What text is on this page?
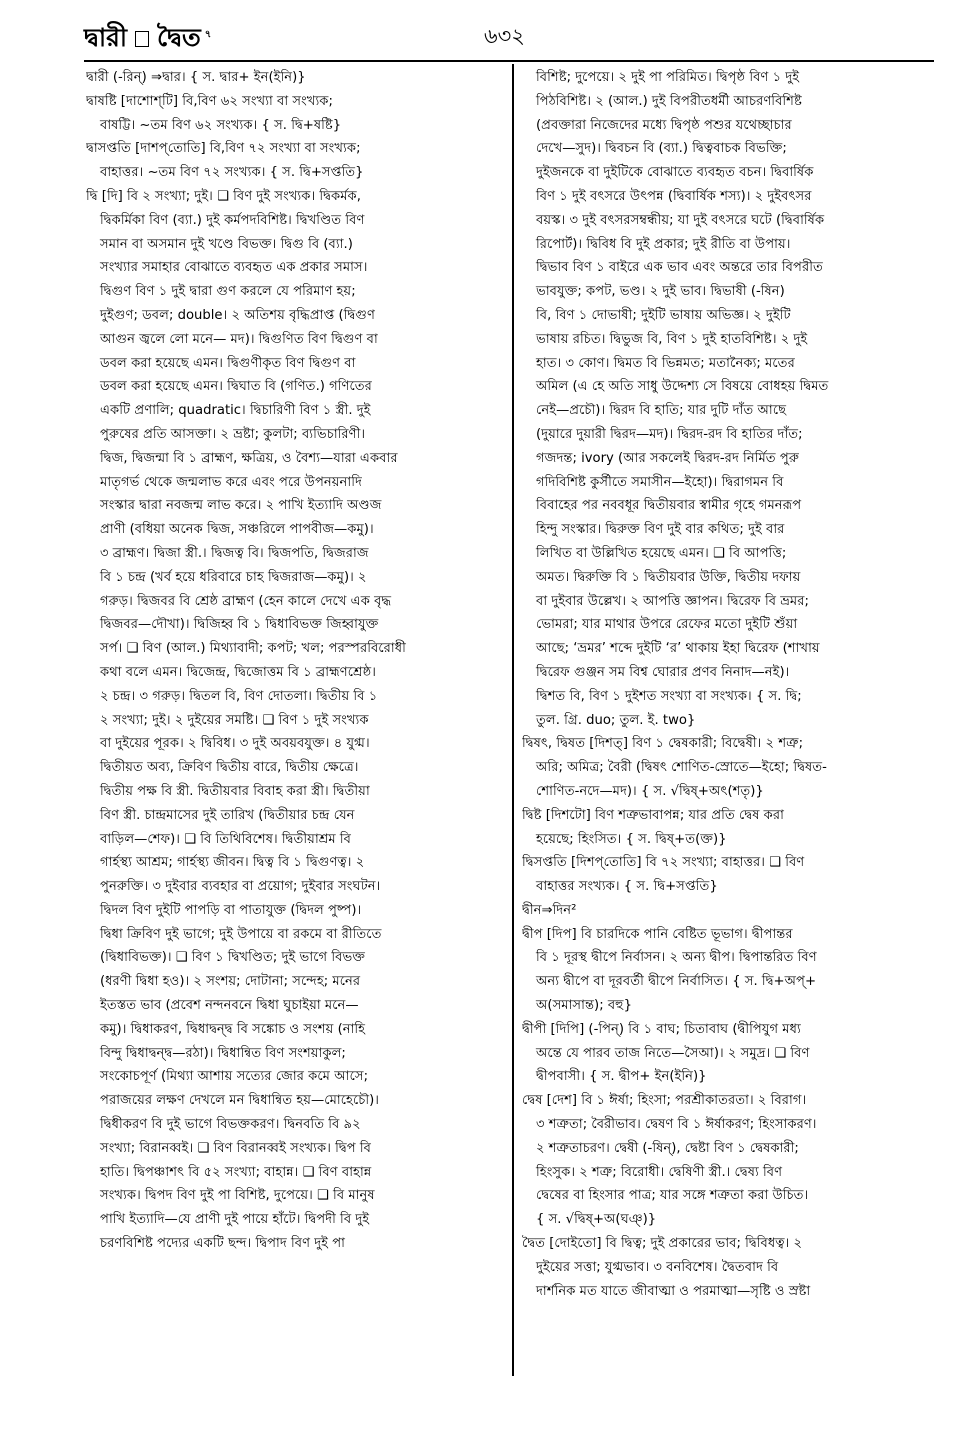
দ্বারী দ্বৈত $^৭$	৬৩২
দ্বারী (-রিন্) ⇒দ্বার। { স. দ্বার+ ইন(ইনি)}
দ্বাষষ্টি [দাশোশ্‌টি] বি,বিণ ৬২ সংখ্যা বা সংখ্যক;
বাষট্টি। ~তম বিণ ৬২ সংখ্যক। { স. দ্বি+ষষ্টি}
দ্বাসপ্ততি [দাশপ্‌তোতি] বি,বিণ ৭২ সংখ্যা বা সংখ্যক;
বাহাত্তর। ~তম বিণ ৭২ সংখ্যক। { স. দ্বি+সপ্ততি}
দ্বি [দি] বি ২ সংখ্যা; দুই। ❑ বিণ দুই সংখ্যক। দ্বিকর্মক,
দ্বিকর্মিকা বিণ (ব্যা.) দুই কর্মপদবিশিষ্ট। দ্বিখণ্ডিত বিণ
সমান বা অসমান দুই খণ্ডে বিভক্ত। দ্বিগু বি (ব্যা.)
সংখ্যার সমাহার বোঝাতে ব্যবহৃত এক প্রকার সমাস।
দ্বিগুণ বিণ ১ দুই দ্বারা গুণ করলে যে পরিমাণ হয়;
দুইগুণ; ডবল; double। ২ অতিশয় বৃদ্ধিপ্রাপ্ত (দ্বিগুণ
আগুন জ্বলে লো মনে— মদ)। দ্বিগুণিত বিণ দ্বিগুণ বা
ডবল করা হয়েছে এমন। দ্বিগুণীকৃত বিণ দ্বিগুণ বা
ডবল করা হয়েছে এমন। দ্বিঘাত বি (গণিত.) গণিতের
একটি প্রণালি; quadratic। দ্বিচারিণী বিণ ১ স্ত্রী. দুই
পুরুষের প্রতি আসক্তা। ২ ভ্রষ্টা; কুলটা; ব্যভিচারিণী।
দ্বিজ, দ্বিজন্মা বি ১ ব্রাহ্মণ, ক্ষত্রিয়, ও বৈশ্য—যারা একবার
মাতৃগর্ভ থেকে জন্মলাভ করে এবং পরে উপনয়নাদি
সংস্কার দ্বারা নবজন্ম লাভ করে। ২ পাখি ইত্যাদি অণ্ডজ
প্রাণী (বধিয়া অনেক দ্বিজ, সঞ্চরিলে পাপবীজ—কমু)।
৩ ব্রাহ্মণ। দ্বিজা স্ত্রী.। দ্বিজত্ব বি। দ্বিজপতি, দ্বিজরাজ
বি ১ চন্দ্র (খর্ব হয়ে ধরিবারে চাহ দ্বিজরাজ—কমু)। ২
গরুড়। দ্বিজবর বি শ্রেষ্ঠ ব্রাহ্মণ (হেন কালে দেখে এক বৃদ্ধ
দ্বিজবর—দৌখা)। দ্বিজিহ্ব বি ১ দ্বিধাবিভক্ত জিহ্বাযুক্ত
সর্প। ❑ বিণ (আল.) মিথ্যাবাদী; কপট; খল; পরস্পরবিরোধী
কথা বলে এমন। দ্বিজেন্দ্র, দ্বিজোত্তম বি ১ ব্রাহ্মণশ্রেষ্ঠ।
২ চন্দ্র। ৩ গরুড়। দ্বিতল বি, বিণ দোতলা। দ্বিতীয় বি ১
২ সংখ্যা; দুই। ২ দুইয়ের সমষ্টি। ❑ বিণ ১ দুই সংখ্যক
বা দুইয়ের পূরক। ২ দ্বিবিধ। ৩ দুই অবয়বযুক্ত। ৪ যুগ্ম।
দ্বিতীয়ত অব্য, ক্রিবিণ দ্বিতীয় বারে, দ্বিতীয় ক্ষেত্রে।
দ্বিতীয় পক্ষ বি স্ত্রী. দ্বিতীয়বার বিবাহ করা স্ত্রী। দ্বিতীয়া
বিণ স্ত্রী. চান্দ্রমাসের দুই তারিখ (দ্বিতীয়ার চন্দ্র যেন
বাড়িল—শেফ)। ❑ বি তিথিবিশেষ। দ্বিতীয়াশ্রম বি
গার্হস্থ্য আশ্রম; গার্হস্থ্য জীবন। দ্বিত্ব বি ১ দ্বিগুণত্ব। ২
পুনরুক্তি। ৩ দুইবার ব্যবহার বা প্রয়োগ; দুইবার সংঘটন।
দ্বিদল বিণ দুইটি পাপড়ি বা পাতাযুক্ত (দ্বিদল পুষ্প)।
দ্বিধা ক্রিবিণ দুই ভাগে; দুই উপায়ে বা রকমে বা রীতিতে
(দ্বিধাবিভক্ত)। ❑ বিণ ১ দ্বিখণ্ডিত; দুই ভাগে বিভক্ত
(ধরণী দ্বিধা হও)। ২ সংশয়; দোটানা; সন্দেহ; মনের
ইতস্তত ভাব (প্রবেশ নন্দনবনে দ্বিধা ঘুচাইয়া মনে—
কমু)। দ্বিধাকরণ, দ্বিধাদ্বন্দ্ব বি সঙ্কোচ ও সংশয় (নাহি
বিন্দু দ্বিধাদ্বন্দ্ব—রঠা)। দ্বিধান্বিত বিণ সংশয়াকুল;
সংকোচপূর্ণ (মিথ্যা আশায় সত্যের জোর কমে আসে;
পরাজয়ের লক্ষণ দেখলে মন দ্বিধান্বিত হয়—মোহেচৌ)।
দ্বিধীকরণ বি দুই ভাগে বিভক্তকরণ। দ্বিনবতি বি ৯২
সংখ্যা; বিরানব্বই। ❑ বিণ বিরানব্বই সংখ্যক। দ্বিপ বি
হাতি। দ্বিপঞ্চাশৎ বি ৫২ সংখ্যা; বাহান্ন। ❑ বিণ বাহান্ন
সংখ্যক। দ্বিপদ বিণ দুই পা বিশিষ্ট, দুপেয়ে। ❑ বি মানুষ
পাখি ইত্যাদি—যে প্রাণী দুই পায়ে হাঁটে। দ্বিপদী বি দুই
চরণবিশিষ্ট পদ্যের একটি ছন্দ। দ্বিপাদ বিণ দুই পা
বিশিষ্ট; দুপেয়ে। ২ দুই পা পরিমিত। দ্বিপৃষ্ঠ বিণ ১ দুই
পিঠবিশিষ্ট। ২ (আল.) দুই বিপরীতধর্মী আচরণবিশিষ্ট
(প্রবক্তারা নিজেদের মধ্যে দ্বিপৃষ্ঠ পশুর যথেচ্ছাচার
দেখে—সুদ)। দ্বিবচন বি (ব্যা.) দ্বিত্ববাচক বিভক্তি;
দুইজনকে বা দুইটিকে বোঝাতে ব্যবহৃত বচন। দ্বিবার্ষিক
বিণ ১ দুই বৎসরে উৎপন্ন (দ্বিবার্ষিক শস্য)। ২ দুইবৎসর
বয়স্ক। ৩ দুই বৎসরসম্বন্ধীয়; যা দুই বৎসরে ঘটে (দ্বিবার্ষিক
রিপোর্ট)। দ্বিবিধ বি দুই প্রকার; দুই রীতি বা উপায়।
দ্বিভাব বিণ ১ বাইরে এক ভাব এবং অন্তরে তার বিপরীত
ভাবযুক্ত; কপট, ভণ্ড। ২ দুই ভাব। দ্বিভাষী (-ষিন)
বি, বিণ ১ দোভাষী; দুইটি ভাষায় অভিজ্ঞ। ২ দুইটি
ভাষায় রচিত। দ্বিভুজ বি, বিণ ১ দুই হাতবিশিষ্ট। ২ দুই
হাত। ৩ কোণ। দ্বিমত বি ভিন্নমত; মতানৈক্য; মতের
অমিল (এ হে অতি সাধু উদ্দেশ্য সে বিষয়ে বোধহয় দ্বিমত
নেই—প্রচৌ)। দ্বিরদ বি হাতি; যার দুটি দাঁত আছে
(দুয়ারে দুয়ারী দ্বিরদ—মদ)। দ্বিরদ-রদ বি হাতির দাঁত;
গজদন্ত; ivory (আর সকলেই দ্বিরদ-রদ নির্মিত পুরু
গদিবিশিষ্ট কুর্সীতে সমাসীন—ইহো)। দ্বিরাগমন বি
বিবাহের পর নববধূর দ্বিতীয়বার স্বামীর গৃহে গমনরূপ
হিন্দু সংস্কার। দ্বিরুক্ত বিণ দুই বার কথিত; দুই বার
লিখিত বা উল্লিখিত হয়েছে এমন। ❑ বি আপত্তি;
অমত। দ্বিরুক্তি বি ১ দ্বিতীয়বার উক্তি, দ্বিতীয় দফায়
বা দুইবার উল্লেখ। ২ আপত্তি জ্ঞাপন। দ্বিরেফ বি ভ্রমর;
ভোমরা; যার মাথার উপরে রেফের মতো দুইটি শুঁয়া
আছে; ‘ভ্রমর’ শব্দে দুইটি ‘র’ থাকায় ইহা দ্বিরেফ (শাখায়
দ্বিরেফ গুঞ্জন সম বিশ্ব ঘোরার প্রণব নিনাদ—নই)।
দ্বিশত বি, বিণ ১ দুইশত সংখ্যা বা সংখ্যক। { স. দ্বি;
তুল. গ্রি. duo; তুল. ই. two}
দ্বিষৎ, দ্বিষত [দিশত্] বিণ ১ দ্বেষকারী; বিদ্বেষী। ২ শত্রু;
অরি; অমিত্র; বৈরী (দ্বিষৎ শোণিত-স্রোতে—ইহো; দ্বিষত-
শোণিত-নদে—মদ)। { স. √দ্বিষ্+অৎ(শতৃ)}
দ্বিষ্ট [দিশটো] বিণ শত্রুভাবাপন্ন; যার প্রতি দ্বেষ করা
হয়েছে; হিংসিত। { স. দ্বিষ্+ত(ক্ত)}
দ্বিসপ্ততি [দিশপ্‌তোতি] বি ৭২ সংখ্যা; বাহাত্তর। ❑ বিণ
বাহাত্তর সংখ্যক। { স. দ্বি+সপ্ততি}
দ্বীন⇒দিন²
দ্বীপ [দিপ] বি চারদিকে পানি বেষ্টিত ভূভাগ। দ্বীপান্তর
বি ১ দূরস্থ দ্বীপে নির্বাসন। ২ অন্য দ্বীপ। দ্বিপান্তরিত বিণ
অন্য দ্বীপে বা দূরবর্তী দ্বীপে নির্বাসিত। { স. দ্বি+অপ্+
অ(সমাসান্ত); বহু}
দ্বীপী [দিপি] (-পিন্) বি ১ বাঘ; চিতাবাঘ (দ্বীপিযুগ মধ্য
অন্তে যে পারব তাজ নিতে—সৈআ)। ২ সমুদ্র। ❑ বিণ
দ্বীপবাসী। { স. দ্বীপ+ ইন(ইনি)}
দ্বেষ [দেশ] বি ১ ঈর্ষা; হিংসা; পরশ্রীকাতরতা। ২ বিরাগ।
৩ শত্রুতা; বৈরীভাব। দ্বেষণ বি ১ ঈর্ষাকরণ; হিংসাকরণ।
২ শত্রুতাচরণ। দ্বেষী (-ষিন্), দ্বেষ্টা বিণ ১ দ্বেষকারী;
হিংসুক। ২ শত্রু; বিরোধী। দ্বেষিণী স্ত্রী.। দ্বেষ্য বিণ
দ্বেষের বা হিংসার পাত্র; যার সঙ্গে শত্রুতা করা উচিত।
{ স. √দ্বিষ্+অ(ঘঞ্)}
দ্বৈত [দোইতো] বি দ্বিত্ব; দুই প্রকারের ভাব; দ্বিবিধত্ব। ২
দুইয়ের সত্তা; যুগ্মভাব। ৩ বনবিশেষ। দ্বৈতবাদ বি
দার্শনিক মত যাতে জীবাত্মা ও পরমাত্মা—সৃষ্টি ও স্রষ্টা
